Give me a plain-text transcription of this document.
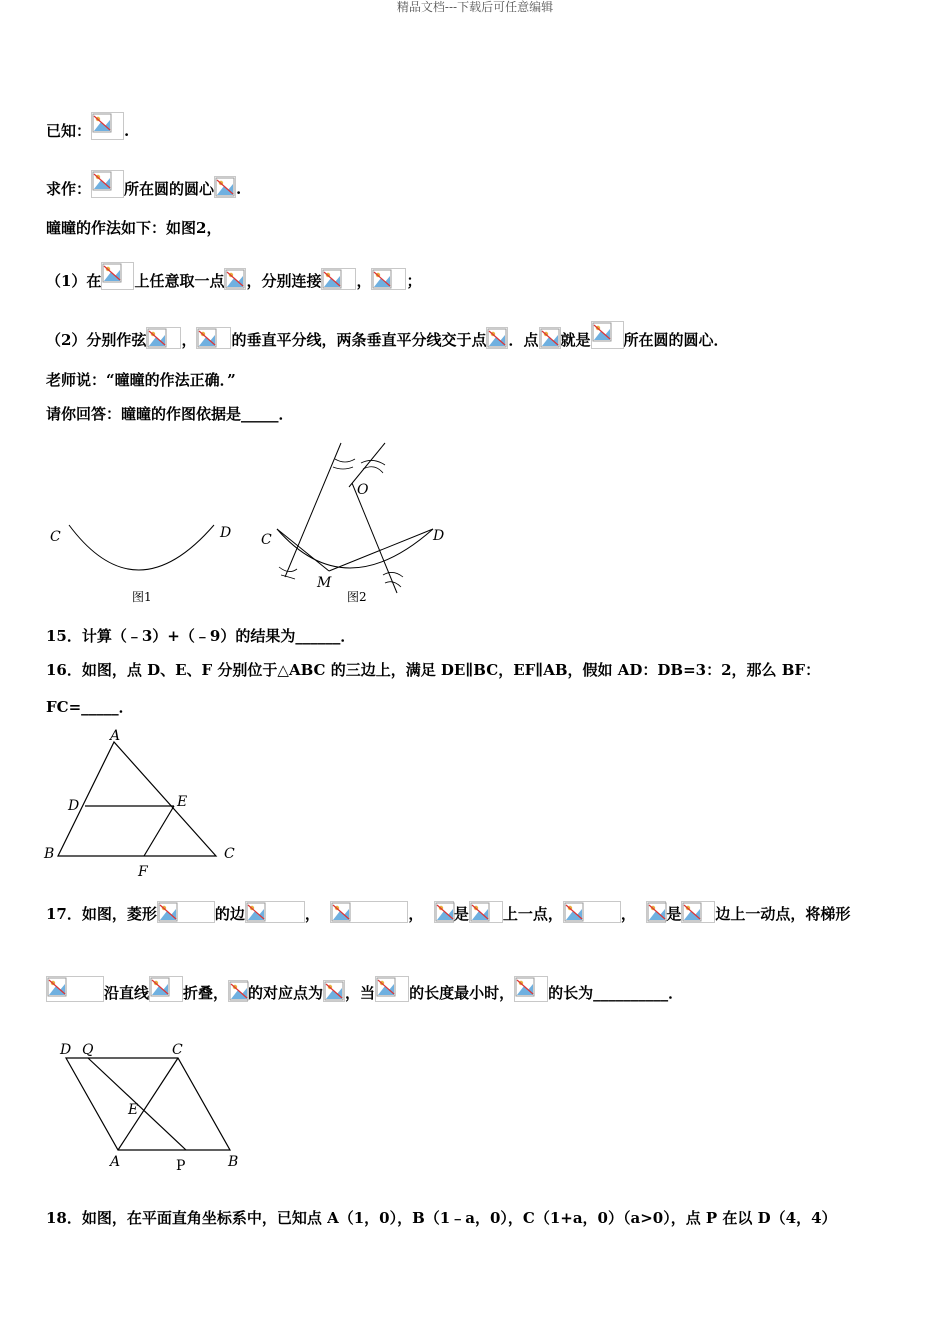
精品文档---下载后可任意编辑
已知： .
求作： 所在圆的圆心 .
曈曈的作法如下：如图2，
（1）在 上任意取一点 ，分别连接 ， ；
（2）分别作弦 ， 的垂直平分线，两条垂直平分线交于点 ．点 就是 所在圆的圆心．
老师说：“曈曈的作法正确．”
请你回答：曈曈的作图依据是_____．
C	D
图1
C	D
O
M
图2
15．计算（﹣3）+（﹣9）的结果为______．
16．如图，点 D、E、F 分别位于△ABC 的三边上，满足 DE∥BC，EF∥AB，假如 AD：DB=3：2，那么 BF：
FC=_____．
A
B	C
D	E
F
17．如图，菱形	的边	，	， 是 上一点，	， 是 边上一动点，将梯形
沿直线 折叠， 的对应点为 ，当 的长度最小时， 的长为__________．
D Q	C
E
A	P	B
18．如图，在平面直角坐标系中，已知点 A（1，0），B（1﹣a，0），C（1+a，0）（a>0），点 P 在以 D（4，4）
